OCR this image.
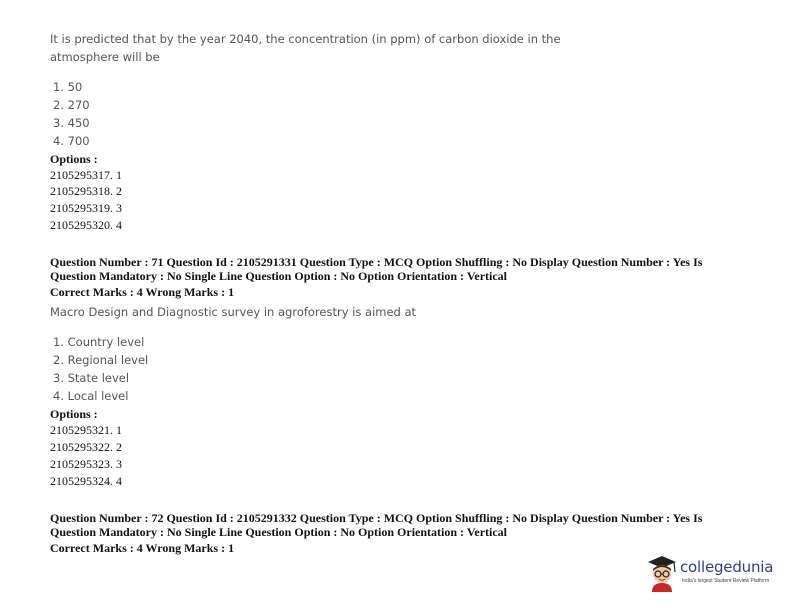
It is predicted that by the year 2040, the concentration (in ppm) of carbon dioxide in the
atmosphere will be
1. 50
2. 270
3. 450
4. 700
Options :
2105295317. 1
2105295318. 2
2105295319. 3
2105295320. 4
Question Number : 71 Question Id : 2105291331 Question Type : MCQ Option Shuffling : No Display Question Number : Yes Is
Question Mandatory : No Single Line Question Option : No Option Orientation : Vertical
Correct Marks : 4 Wrong Marks : 1
Macro Design and Diagnostic survey in agroforestry is aimed at
1. Country level
2. Regional level
3. State level
4. Local level
Options :
2105295321. 1
2105295322. 2
2105295323. 3
2105295324. 4
Question Number : 72 Question Id : 2105291332 Question Type : MCQ Option Shuffling : No Display Question Number : Yes Is
Question Mandatory : No Single Line Question Option : No Option Orientation : Vertical
Correct Marks : 4 Wrong Marks : 1
collegedunia
India's largest Student Review Platform
